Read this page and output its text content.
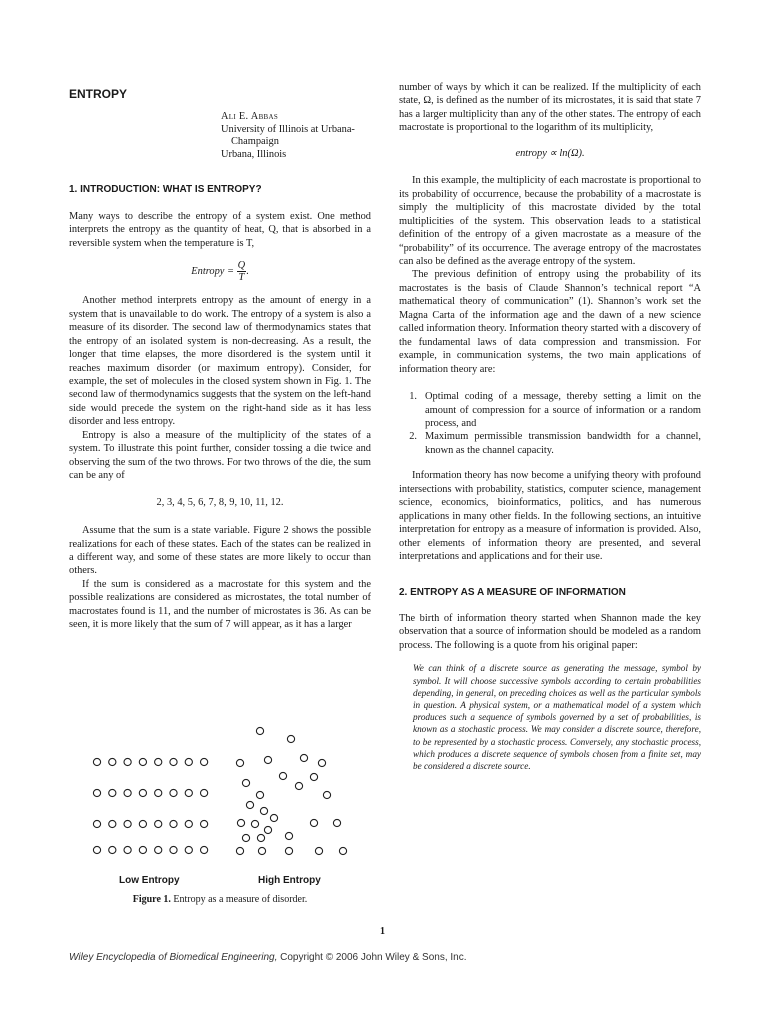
ENTROPY
Ali E. Abbas
University of Illinois at Urbana-
Champaign
Urbana, Illinois
1. INTRODUCTION: WHAT IS ENTROPY?

Many ways to describe the entropy of a system exist. One method interprets the entropy as the quantity of heat, Q, that is absorbed in a reversible system when the temperature is T,

Entropy = $\frac{Q}{T}$ .

Another method interprets entropy as the amount of energy in a system that is unavailable to do work. The entropy of a system is also a measure of its disorder. The second law of thermodynamics states that the entropy of an isolated system is non-decreasing. As a result, the longer that time elapses, the more disordered is the system until it reaches maximum disorder (or maximum entropy). Consider, for example, the set of molecules in the closed system shown in Fig. 1. The second law of thermodynamics suggests that the system on the left-hand side would precede the system on the right-hand side as it has less disorder and less entropy.

Entropy is also a measure of the multiplicity of the states of a system. To illustrate this point further, consider tossing a die twice and observing the sum of the two throws. For two throws of the die, the sum can be any of

2, 3, 4, 5, 6, 7, 8, 9, 10, 11, 12.

Assume that the sum is a state variable. Figure 2 shows the possible realizations for each of these states. Each of the states can be realized in a different way, and some of these states are more likely to occur than others.

If the sum is considered as a macrostate for this system and the possible realizations are considered as microstates, the total number of macrostates found is 11, and the number of microstates is 36. As can be seen, it is more likely that the sum of 7 will appear, as it has a larger

Low Entropy	High Entropy
Figure 1. Entropy as a measure of disorder.

number of ways by which it can be realized. If the multiplicity of each state, Ω, is defined as the number of its microstates, it is said that state 7 has a larger multiplicity than any of the other states. The entropy of each macrostate is proportional to the logarithm of its multiplicity,

entropy ∝ ln(Ω).

In this example, the multiplicity of each macrostate is proportional to its probability of occurrence, because the probability of a macrostate is simply the multiplicity of this macrostate divided by the total multiplicities of the system. This observation leads to a statistical definition of the entropy of a given macrostate as a measure of the “probability” of its occurrence. The average entropy of the macrostates can also be defined as the average entropy of the system.

The previous definition of entropy using the probability of its macrostates is the basis of Claude Shannon’s technical report “A mathematical theory of communication” (1). Shannon’s work set the Magna Carta of the information age and the dawn of a new science called information theory. Information theory started with a discovery of the fundamental laws of data compression and transmission. For example, in communication systems, the two main applications of information theory are:

1. Optimal coding of a message, thereby setting a limit on the amount of compression for a source of information or a random process, and
2. Maximum permissible transmission bandwidth for a channel, known as the channel capacity.

Information theory has now become a unifying theory with profound intersections with probability, statistics, computer science, management science, economics, bioinformatics, politics, and has numerous applications in many other fields. In the following sections, an intuitive interpretation for entropy as a measure of information is provided. Also, other elements of information theory are presented, and several interpretations and applications and for their use.

2. ENTROPY AS A MEASURE OF INFORMATION

The birth of information theory started when Shannon made the key observation that a source of information should be modeled as a random process. The following is a quote from his original paper:

We can think of a discrete source as generating the message, symbol by symbol. It will choose successive symbols according to certain probabilities depending, in general, on preceding choices as well as the particular symbols in question. A physical system, or a mathematical model of a system which produces such a sequence of symbols governed by a set of probabilities, is known as a stochastic process. We may consider a discrete source, therefore, to be represented by a stochastic process. Conversely, any stochastic process, which produces a discrete sequence of symbols chosen from a finite set, may be considered a discrete source.
1
Wiley Encyclopedia of Biomedical Engineering, Copyright © 2006 John Wiley & Sons, Inc.
